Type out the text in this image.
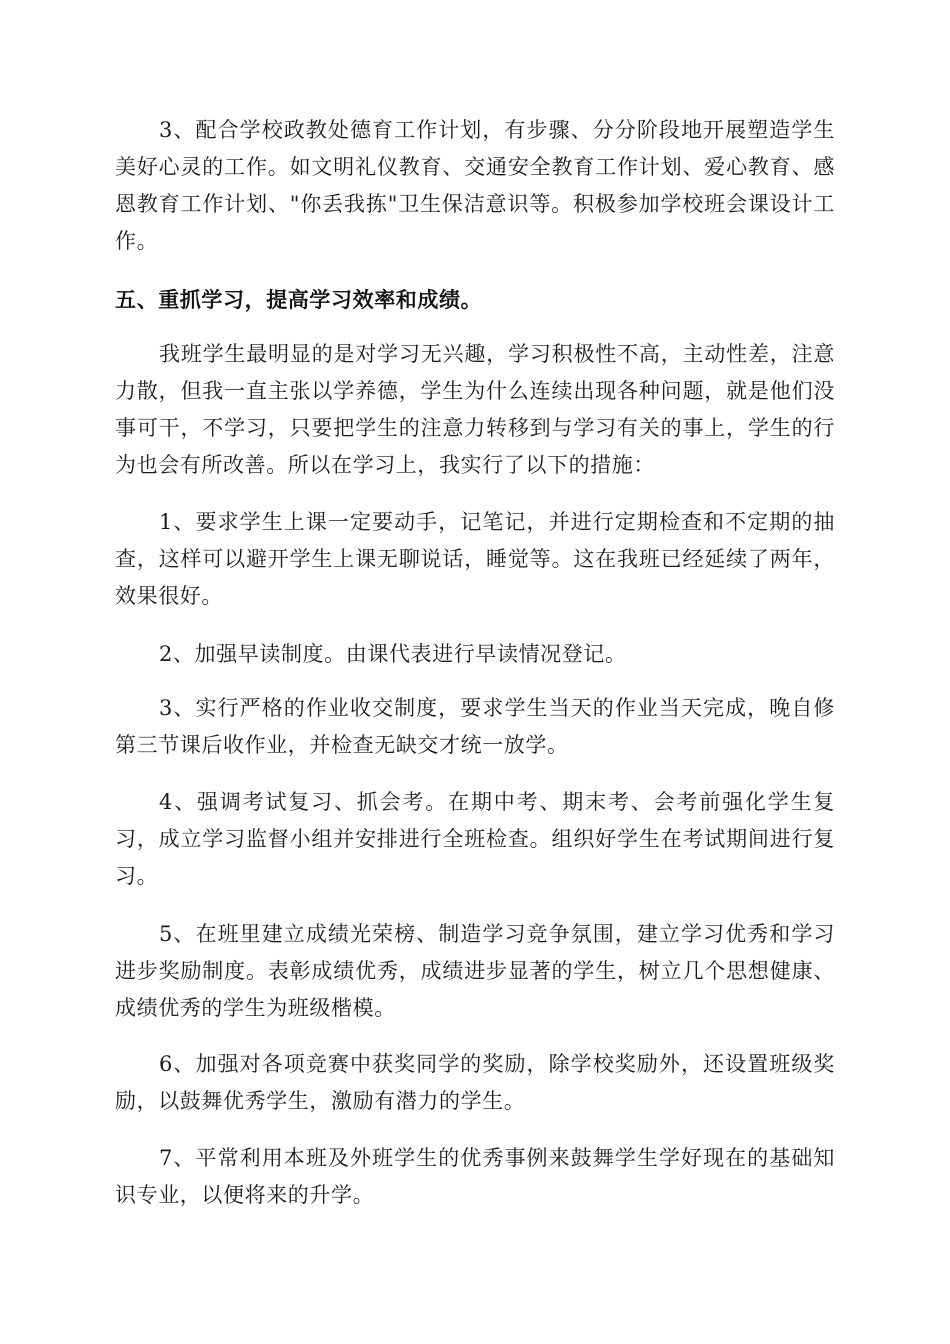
3、配合学校政教处德育工作计划，有步骤、分分阶段地开展塑造学生美好心灵的工作。如文明礼仪教育、交通安全教育工作计划、爱心教育、感恩教育工作计划、"你丢我拣"卫生保洁意识等。积极参加学校班会课设计工作。

五、重抓学习，提高学习效率和成绩。

我班学生最明显的是对学习无兴趣，学习积极性不高，主动性差，注意力散，但我一直主张以学养德，学生为什么连续出现各种问题，就是他们没事可干，不学习，只要把学生的注意力转移到与学习有关的事上，学生的行为也会有所改善。所以在学习上，我实行了以下的措施：

1、要求学生上课一定要动手，记笔记，并进行定期检查和不定期的抽查，这样可以避开学生上课无聊说话，睡觉等。这在我班已经延续了两年，效果很好。

2、加强早读制度。由课代表进行早读情况登记。

3、实行严格的作业收交制度，要求学生当天的作业当天完成，晚自修第三节课后收作业，并检查无缺交才统一放学。

4、强调考试复习、抓会考。在期中考、期末考、会考前强化学生复习，成立学习监督小组并安排进行全班检查。组织好学生在考试期间进行复习。

5、在班里建立成绩光荣榜、制造学习竞争氛围，建立学习优秀和学习进步奖励制度。表彰成绩优秀，成绩进步显著的学生，树立几个思想健康、成绩优秀的学生为班级楷模。

6、加强对各项竞赛中获奖同学的奖励，除学校奖励外，还设置班级奖励，以鼓舞优秀学生，激励有潜力的学生。

7、平常利用本班及外班学生的优秀事例来鼓舞学生学好现在的基础知识专业，以便将来的升学。
